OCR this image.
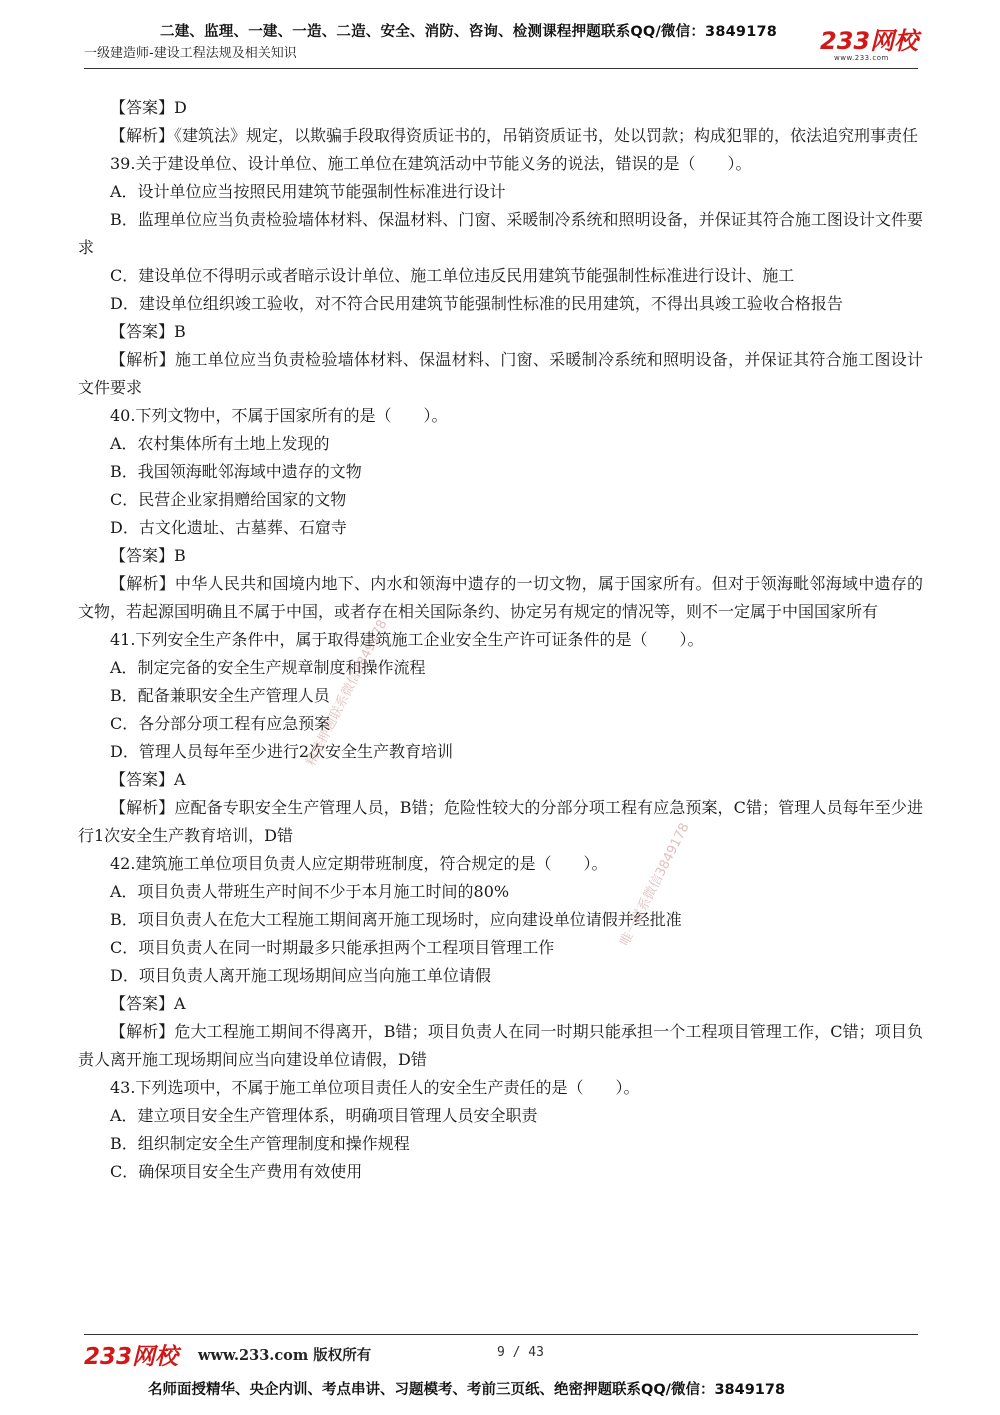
二建、监理、一建、一造、二造、安全、消防、咨询、检测课程押题联系QQ/微信：3849178
一级建造师-建设工程法规及相关知识	233网校
www.233.com

【答案】D

【解析】《建筑法》规定，以欺骗手段取得资质证书的，吊销资质证书，处以罚款；构成犯罪的，依法追究刑事责任

39.关于建设单位、设计单位、施工单位在建筑活动中节能义务的说法，错误的是（　　）。

A．设计单位应当按照民用建筑节能强制性标准进行设计

B．监理单位应当负责检验墙体材料、保温材料、门窗、采暖制冷系统和照明设备，并保证其符合施工图设计文件要求

C．建设单位不得明示或者暗示设计单位、施工单位违反民用建筑节能强制性标准进行设计、施工

D．建设单位组织竣工验收，对不符合民用建筑节能强制性标准的民用建筑，不得出具竣工验收合格报告

【答案】B

【解析】施工单位应当负责检验墙体材料、保温材料、门窗、采暖制冷系统和照明设备，并保证其符合施工图设计文件要求

40.下列文物中，不属于国家所有的是（　　）。

A．农村集体所有土地上发现的

B．我国领海毗邻海域中遗存的文物

C．民营企业家捐赠给国家的文物

D．古文化遗址、古墓葬、石窟寺

【答案】B

【解析】中华人民共和国境内地下、内水和领海中遗存的一切文物，属于国家所有。但对于领海毗邻海域中遗存的文物，若起源国明确且不属于中国，或者存在相关国际条约、协定另有规定的情况等，则不一定属于中国国家所有

41.下列安全生产条件中，属于取得建筑施工企业安全生产许可证条件的是（　　）。

A．制定完备的安全生产规章制度和操作流程

B．配备兼职安全生产管理人员

C．各分部分项工程有应急预案

D．管理人员每年至少进行2次安全生产教育培训

【答案】A

【解析】应配备专职安全生产管理人员，B错；危险性较大的分部分项工程有应急预案，C错；管理人员每年至少进行1次安全生产教育培训，D错

42.建筑施工单位项目负责人应定期带班制度，符合规定的是（　　）。

A．项目负责人带班生产时间不少于本月施工时间的80%

B．项目负责人在危大工程施工期间离开施工现场时，应向建设单位请假并经批准

C．项目负责人在同一时期最多只能承担两个工程项目管理工作

D．项目负责人离开施工现场期间应当向施工单位请假

【答案】A

【解析】危大工程施工期间不得离开，B错；项目负责人在同一时期只能承担一个工程项目管理工作，C错；项目负责人离开施工现场期间应当向建设单位请假，D错

43.下列选项中，不属于施工单位项目责任人的安全生产责任的是（　　）。

A．建立项目安全生产管理体系，明确项目管理人员安全职责

B．组织制定安全生产管理制度和操作规程

C．确保项目安全生产费用有效使用

精准押题联系微信3849178
唯一联系微信3849178
233网校 www.233.com 版权所有	9 / 43
名师面授精华、央企内训、考点串讲、习题模考、考前三页纸、绝密押题联系QQ/微信：3849178
